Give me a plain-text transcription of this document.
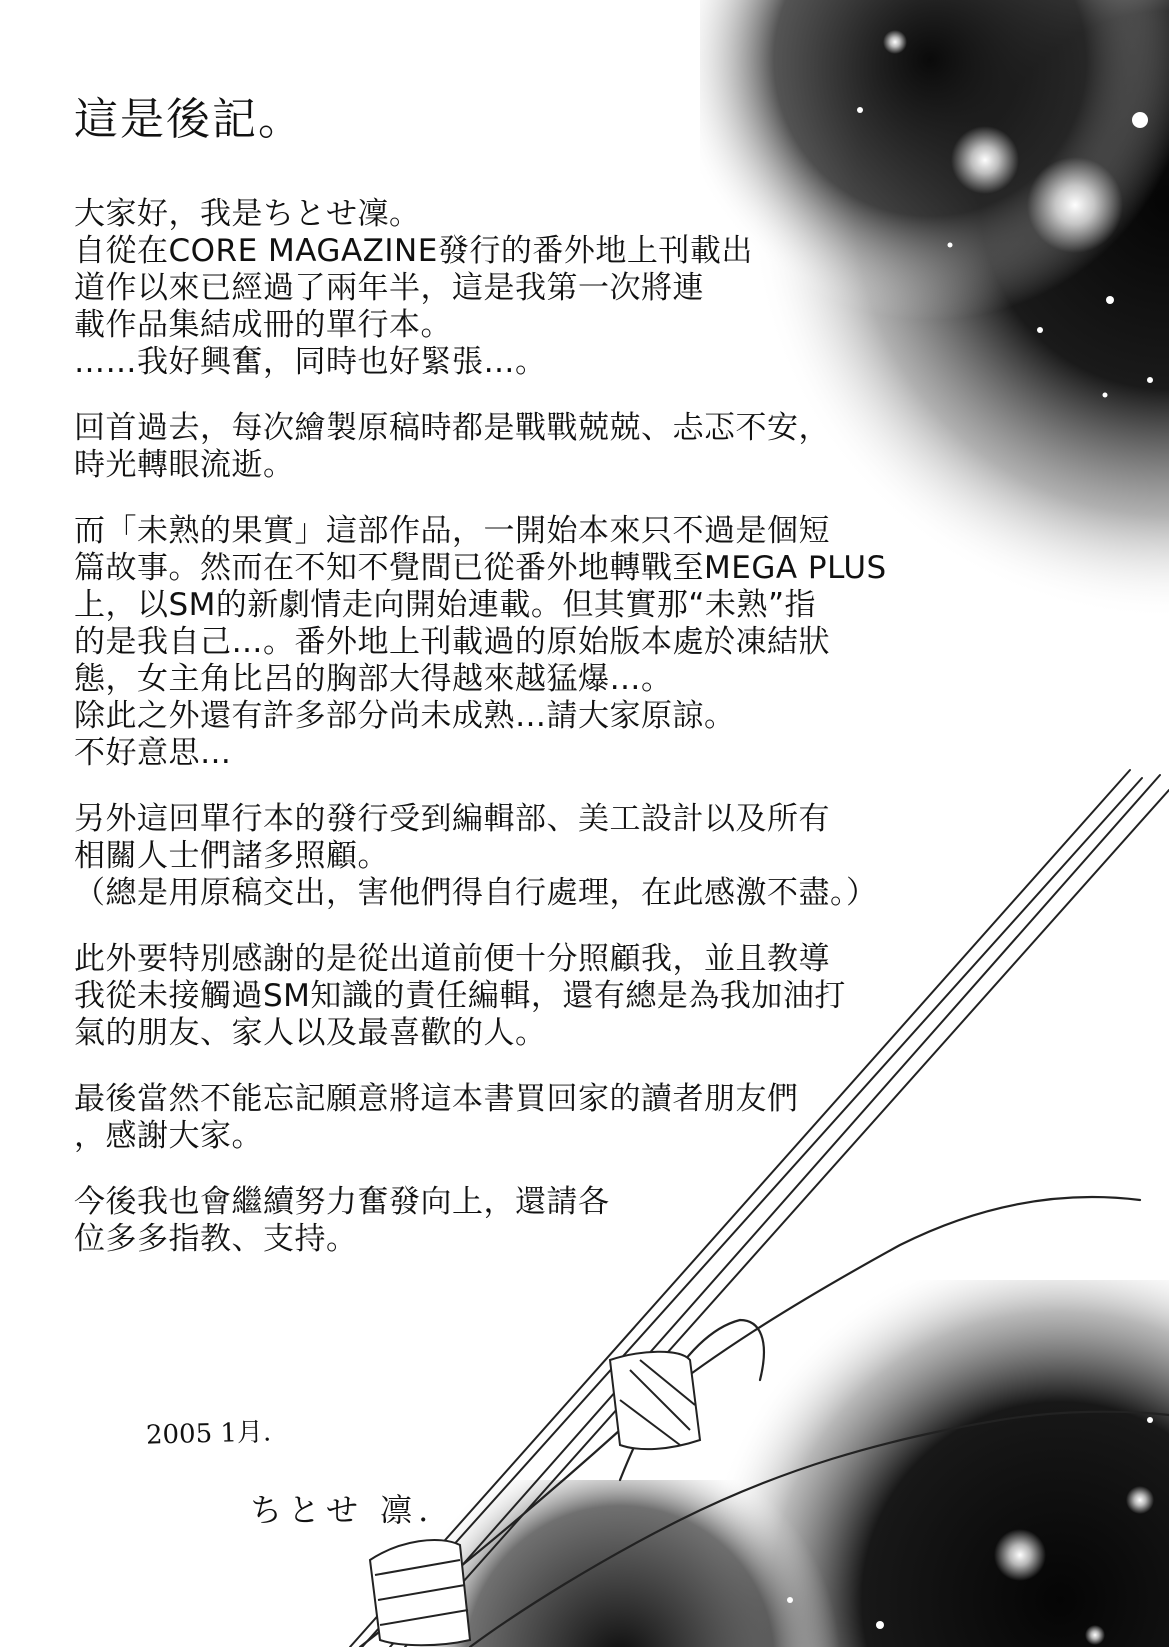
這是後記。
大家好，我是ちとせ凜。
自從在CORE MAGAZINE發行的番外地上刊載出
道作以來已經過了兩年半，這是我第一次將連
載作品集結成冊的單行本。
……我好興奮，同時也好緊張…。
回首過去，每次繪製原稿時都是戰戰兢兢、忐忑不安，
時光轉眼流逝。
而「未熟的果實」這部作品，一開始本來只不過是個短
篇故事。然而在不知不覺間已從番外地轉戰至MEGA PLUS
上，以SM的新劇情走向開始連載。但其實那“未熟”指
的是我自己…。番外地上刊載過的原始版本處於凍結狀
態，女主角比呂的胸部大得越來越猛爆…。
除此之外還有許多部分尚未成熟…請大家原諒。
不好意思…
另外這回單行本的發行受到編輯部、美工設計以及所有
相關人士們諸多照顧。
（總是用原稿交出，害他們得自行處理，在此感激不盡。）
此外要特別感謝的是從出道前便十分照顧我，並且教導
我從未接觸過SM知識的責任編輯，還有總是為我加油打
氣的朋友、家人以及最喜歡的人。
最後當然不能忘記願意將這本書買回家的讀者朋友們
，感謝大家。
今後我也會繼續努力奮發向上，還請各
位多多指教、支持。
2005 1月.
ちとせ 凛.
